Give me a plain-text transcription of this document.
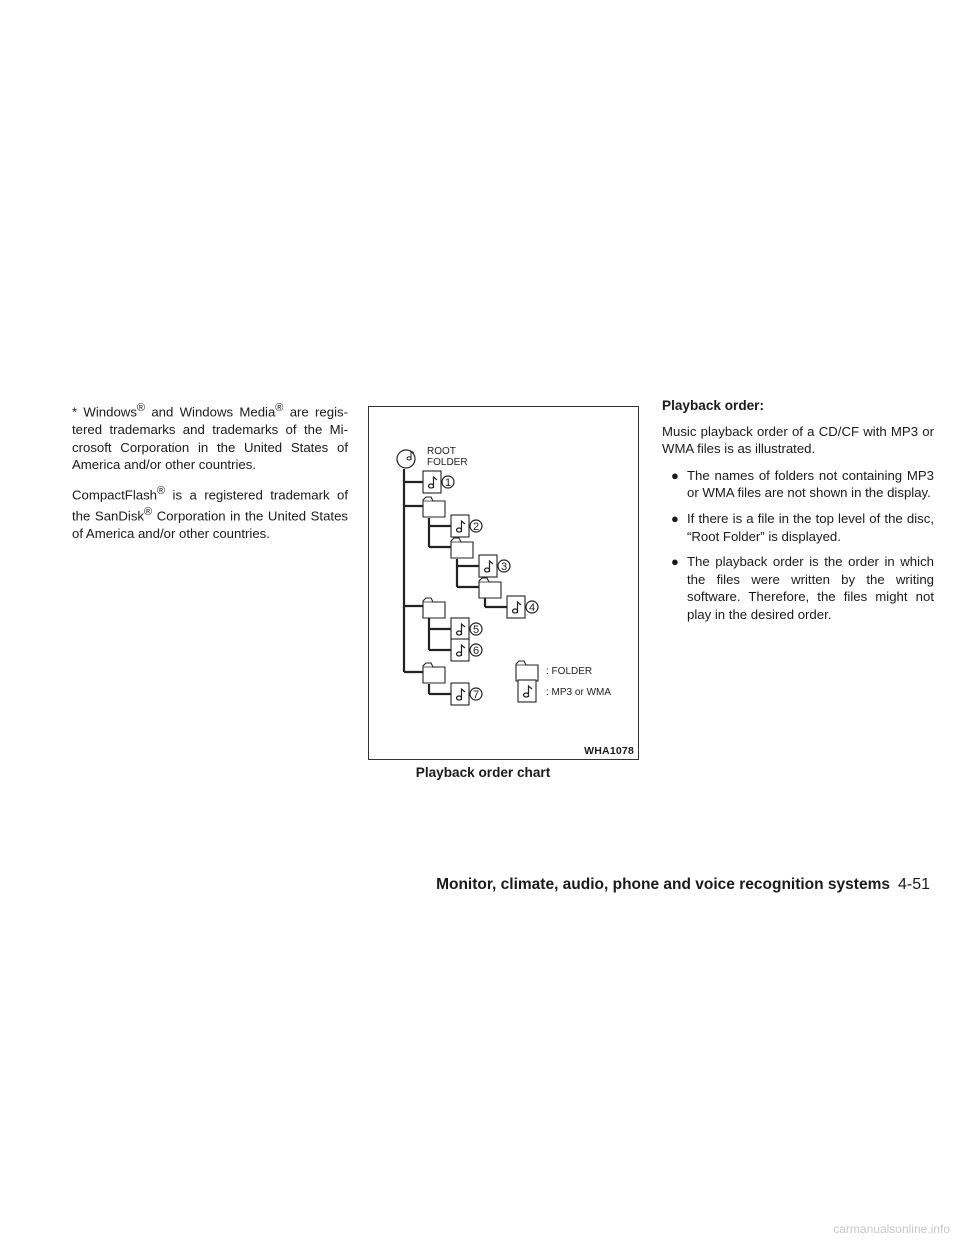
* Windows® and Windows Media® are regis- tered trademarks and trademarks of the Mi- crosoft Corporation in the United States of America and/or other countries.

CompactFlash® is a registered trademark of the SanDisk® Corporation in the United States of America and/or other countries.

ROOT
FOLDER
1
2
3
4
5
6
7
: FOLDER
: MP3 or WMA
WHA1078
Playback order chart
Playback order:

Music playback order of a CD/CF with MP3 or WMA files is as illustrated.

● The names of folders not containing MP3 or WMA files are not shown in the display.
● If there is a file in the top level of the disc, “Root Folder” is displayed.
● The playback order is the order in which the files were written by the writing software. Therefore, the files might not play in the desired order.
Monitor, climate, audio, phone and voice recognition systems 4-51
carmanualsonline.info
